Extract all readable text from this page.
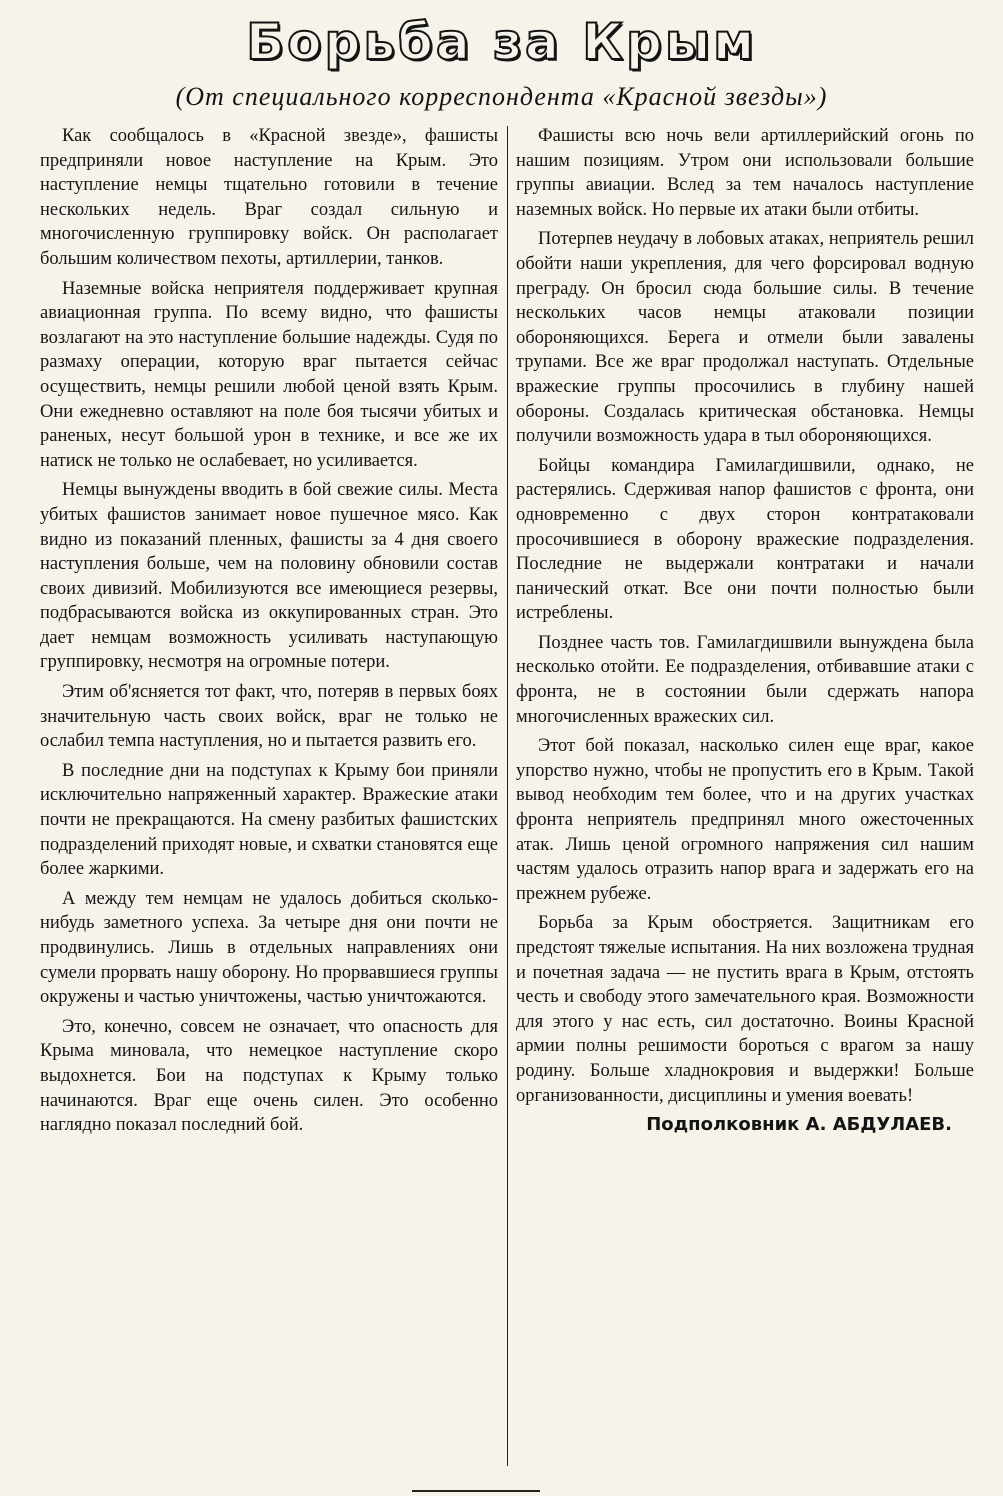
Борьба за Крым
(От специального корреспондента «Красной звезды»)

Как сообщалось в «Красной звезде», фашисты предприняли новое наступление на Крым. Это наступление немцы тщательно готовили в течение нескольких недель. Враг создал сильную и многочисленную группировку войск. Он располагает большим количеством пехоты, артиллерии, танков.

Наземные войска неприятеля поддерживает крупная авиационная группа. По всему видно, что фашисты возлагают на это наступление большие надежды. Судя по размаху операции, которую враг пытается сейчас осуществить, немцы решили любой ценой взять Крым. Они ежедневно оставляют на поле боя тысячи убитых и раненых, несут большой урон в технике, и все же их натиск не только не ослабевает, но усиливается.

Немцы вынуждены вводить в бой свежие силы. Места убитых фашистов занимает новое пушечное мясо. Как видно из показаний пленных, фашисты за 4 дня своего наступления больше, чем на половину обновили состав своих дивизий. Мобилизуются все имеющиеся резервы, подбрасываются войска из оккупированных стран. Это дает немцам возможность усиливать наступающую группировку, несмотря на огромные потери.

Этим об'ясняется тот факт, что, потеряв в первых боях значительную часть своих войск, враг не только не ослабил темпа наступления, но и пытается развить его.

В последние дни на подступах к Крыму бои приняли исключительно напряженный характер. Вражеские атаки почти не прекращаются. На смену разбитых фашистских подразделений приходят новые, и схватки становятся еще более жаркими.

А между тем немцам не удалось добиться сколько-нибудь заметного успеха. За четыре дня они почти не продвинулись. Лишь в отдельных направлениях они сумели прорвать нашу оборону. Но прорвавшиеся группы окружены и частью уничтожены, частью уничтожаются.

Это, конечно, совсем не означает, что опасность для Крыма миновала, что немецкое наступление скоро выдохнется. Бои на подступах к Крыму только начинаются. Враг еще очень силен. Это особенно наглядно показал последний бой.

Фашисты всю ночь вели артиллерийский огонь по нашим позициям. Утром они использовали большие группы авиации. Вслед за тем началось наступление наземных войск. Но первые их атаки были отбиты.

Потерпев неудачу в лобовых атаках, неприятель решил обойти наши укрепления, для чего форсировал водную преграду. Он бросил сюда большие силы. В течение нескольких часов немцы атаковали позиции обороняющихся. Берега и отмели были завалены трупами. Все же враг продолжал наступать. Отдельные вражеские группы просочились в глубину нашей обороны. Создалась критическая обстановка. Немцы получили возможность удара в тыл обороняющихся.

Бойцы командира Гамилагдишвили, однако, не растерялись. Сдерживая напор фашистов с фронта, они одновременно с двух сторон контратаковали просочившиеся в оборону вражеские подразделения. Последние не выдержали контратаки и начали панический откат. Все они почти полностью были истреблены.

Позднее часть тов. Гамилагдишвили вынуждена была несколько отойти. Ее подразделения, отбивавшие атаки с фронта, не в состоянии были сдержать напора многочисленных вражеских сил.

Этот бой показал, насколько силен еще враг, какое упорство нужно, чтобы не пропустить его в Крым. Такой вывод необходим тем более, что и на других участках фронта неприятель предпринял много ожесточенных атак. Лишь ценой огромного напряжения сил нашим частям удалось отразить напор врага и задержать его на прежнем рубеже.

Борьба за Крым обостряется. Защитникам его предстоят тяжелые испытания. На них возложена трудная и почетная задача — не пустить врага в Крым, отстоять честь и свободу этого замечательного края. Возможности для этого у нас есть, сил достаточно. Воины Красной армии полны решимости бороться с врагом за нашу родину. Больше хладнокровия и выдержки! Больше организованности, дисциплины и умения воевать!

Подполковник А. АБДУЛАЕВ.
